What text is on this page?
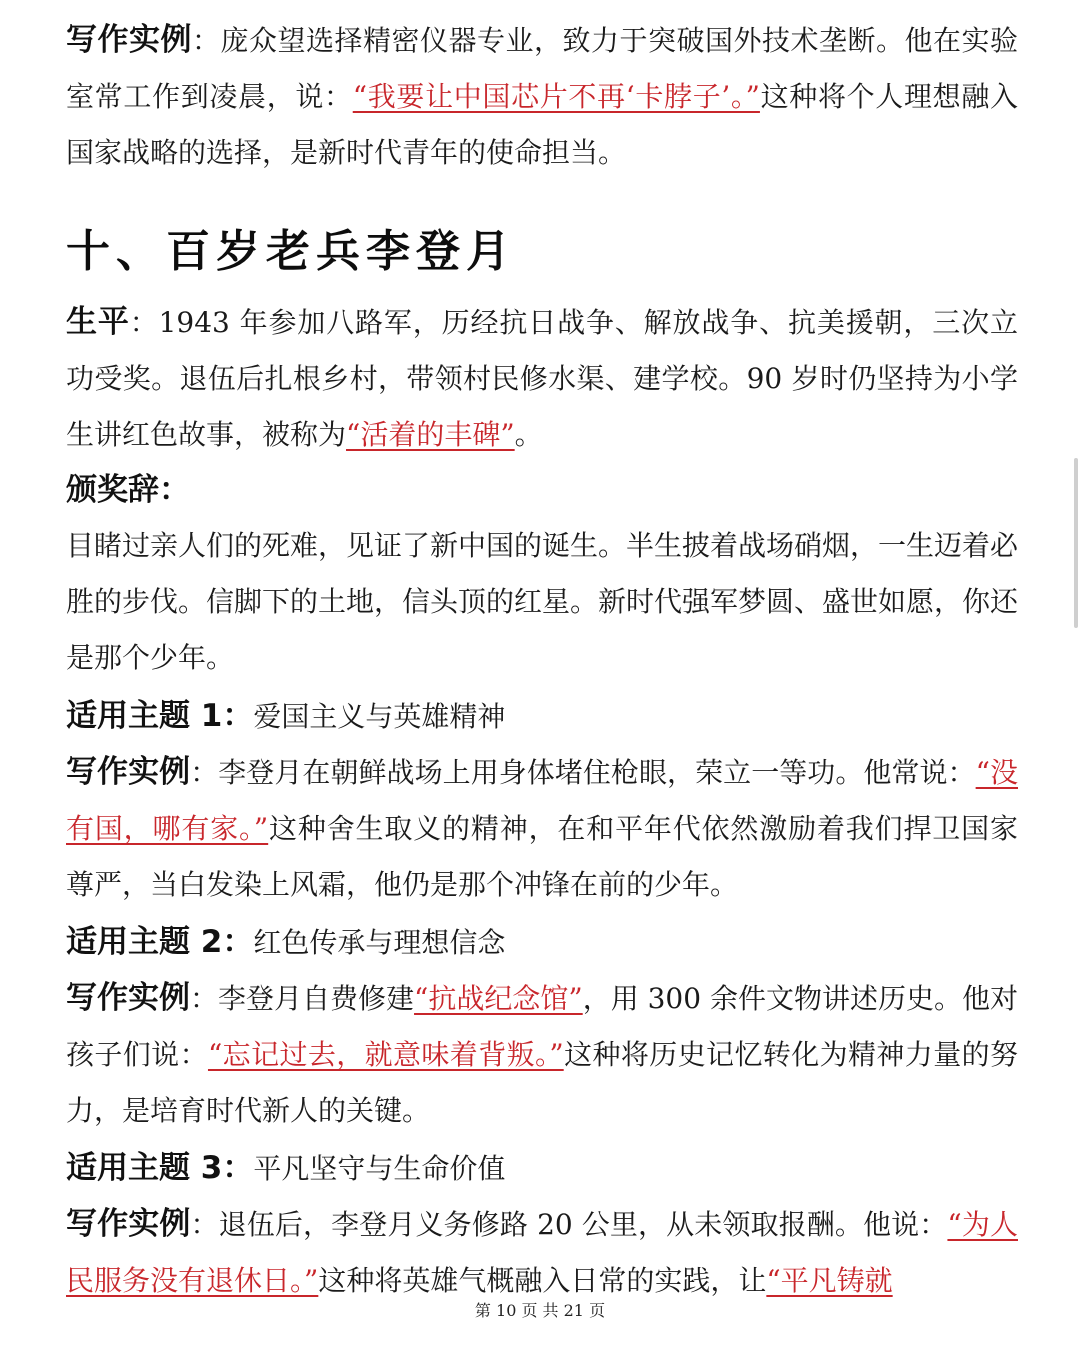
写作实例：庞众望选择精密仪器专业，致力于突破国外技术垄断。他在实验室常工作到凌晨，说：“我要让中国芯片不再‘卡脖子’。”这种将个人理想融入国家战略的选择，是新时代青年的使命担当。
十、百岁老兵李登月
生平：1943 年参加八路军，历经抗日战争、解放战争、抗美援朝，三次立功受奖。退伍后扎根乡村，带领村民修水渠、建学校。90 岁时仍坚持为小学生讲红色故事，被称为“活着的丰碑”。
颁奖辞：
目睹过亲人们的死难，见证了新中国的诞生。半生披着战场硝烟，一生迈着必胜的步伐。信脚下的土地，信头顶的红星。新时代强军梦圆、盛世如愿，你还是那个少年。
适用主题 1：爱国主义与英雄精神
写作实例：李登月在朝鲜战场上用身体堵住枪眼，荣立一等功。他常说：“没有国，哪有家。”这种舍生取义的精神，在和平年代依然激励着我们捍卫国家尊严，当白发染上风霜，他仍是那个冲锋在前的少年。
适用主题 2：红色传承与理想信念
写作实例：李登月自费修建“抗战纪念馆”，用 300 余件文物讲述历史。他对孩子们说：“忘记过去，就意味着背叛。”这种将历史记忆转化为精神力量的努力，是培育时代新人的关键。
适用主题 3：平凡坚守与生命价值
写作实例：退伍后，李登月义务修路 20 公里，从未领取报酬。他说：“为人民服务没有退休日。”这种将英雄气概融入日常的实践，让“平凡铸就
第 10 页 共 21 页
